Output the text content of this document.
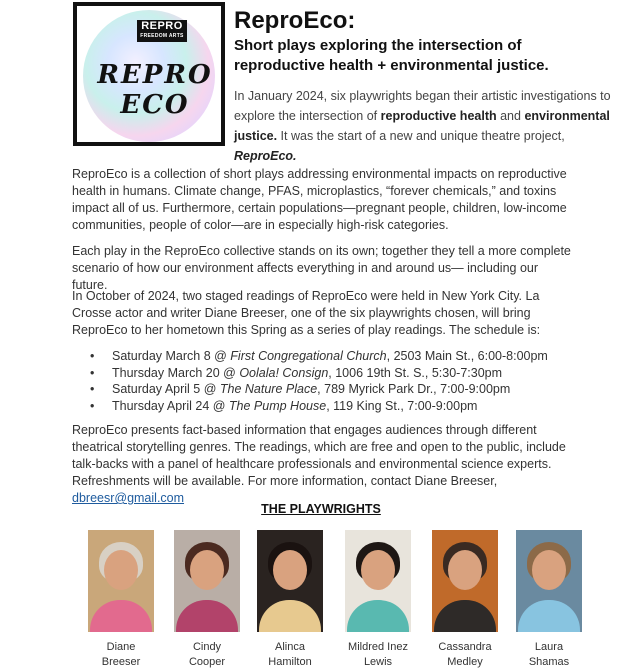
REPRO
FREEDOM ARTS
REPRO
ECO
ReproEco:
Short plays exploring the intersection of reproductive health + environmental justice.

In January 2024, six playwrights began their artistic investigations to explore the intersection of reproductive health and environmental justice. It was the start of a new and unique theatre project, ReproEco.

ReproEco is a collection of short plays addressing environmental impacts on reproductive health in humans. Climate change, PFAS, microplastics, “forever chemicals,” and toxins impact all of us. Furthermore, certain populations—pregnant people, children, low-income communities, people of color—are in especially high-risk categories.

Each play in the ReproEco collective stands on its own; together they tell a more complete scenario of how our environment affects everything in and around us— including our future.

In October of 2024, two staged readings of ReproEco were held in New York City. La Crosse actor and writer Diane Breeser, one of the six playwrights chosen, will bring ReproEco to her hometown this Spring as a series of play readings. The schedule is:

• Saturday March 8 @ First Congregational Church, 2503 Main St., 6:00-8:00pm
• Thursday March 20 @ Oolala! Consign, 1006 19th St. S., 5:30-7:30pm
• Saturday April 5 @ The Nature Place, 789 Myrick Park Dr., 7:00-9:00pm
• Thursday April 24 @ The Pump House, 119 King St., 7:00-9:00pm

ReproEco presents fact-based information that engages audiences through different theatrical storytelling genres. The readings, which are free and open to the public, include talk-backs with a panel of healthcare professionals and environmental science experts. Refreshments will be available. For more information, contact Diane Breeser, dbreesr@gmail.com

THE PLAYWRIGHTS
Diane
Breeser
Cindy
Cooper
Alinca
Hamilton
Mildred Inez
Lewis
Cassandra
Medley
Laura
Shamas
